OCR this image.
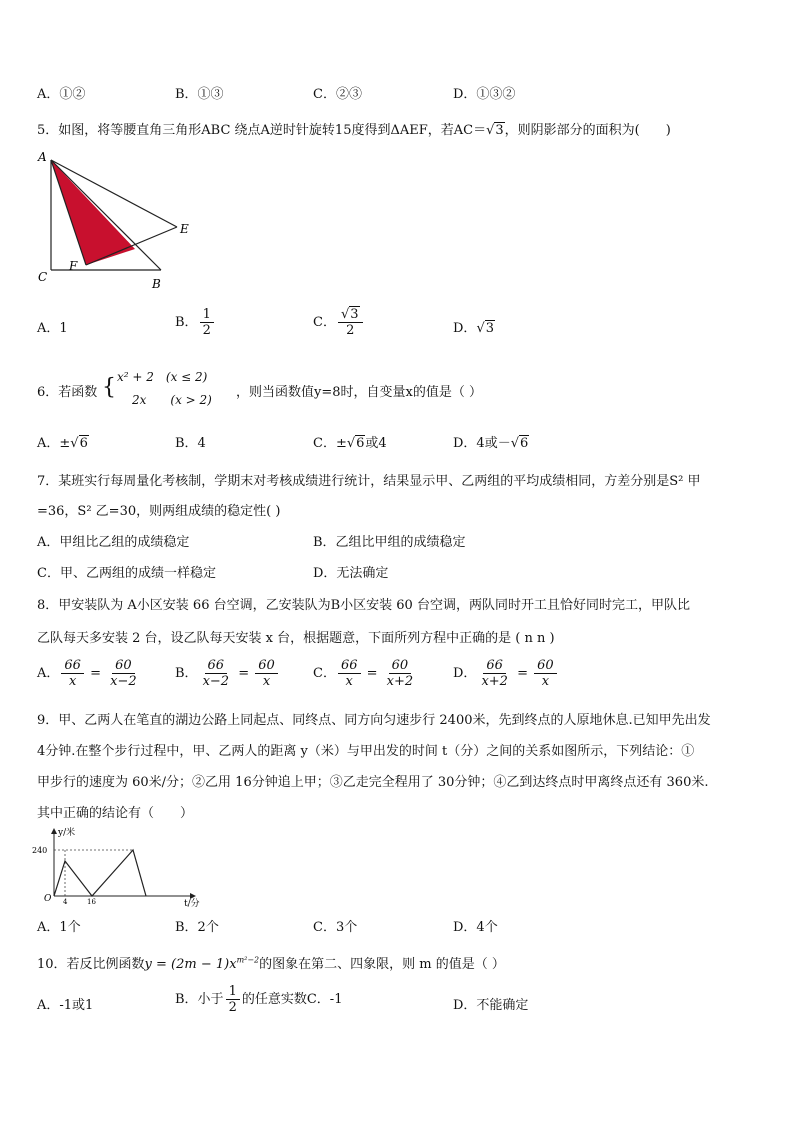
A．①②	B．①③	C．②③	D．①③②
5．如图，将等腰直角三角形ABC 绕点A逆时针旋转15度得到ΔAEF，若AC＝√3，则阴影部分的面积为(　　)
A
C	B
E
F
A．1	B． $\frac{1}{2}$	C． $\frac{√3}{2}$	D．√3
6．若函数 { x² + 2　(x ≤ 2)
2x　　(x > 2) ，则当函数值y=8时，自变量x的值是（ ）
A．±√6	B．4	C．±√6或4	D．4或－√6
7．某班实行每周量化考核制，学期末对考核成绩进行统计，结果显示甲、乙两组的平均成绩相同，方差分别是S² 甲
=36，S² 乙=30，则两组成绩的稳定性( )
A．甲组比乙组的成绩稳定	B．乙组比甲组的成绩稳定
C．甲、乙两组的成绩一样稳定	D．无法确定
8．甲安装队为 A小区安装 66 台空调，乙安装队为B小区安装 60 台空调，两队同时开工且恰好同时完工，甲队比
乙队每天多安装 2 台，设乙队每天安装 x 台，根据题意，下面所列方程中正确的是 ( n n )
A． $\frac{66}{x} = \frac{60}{x-2}$	B． $\frac{66}{x-2} = \frac{60}{x}$	C． $\frac{66}{x} = \frac{60}{x+2}$	D． $\frac{66}{x+2} = \frac{60}{x}$
9．甲、乙两人在笔直的湖边公路上同起点、同终点、同方向匀速步行 2400米，先到终点的人原地休息.已知甲先出发
4分钟.在整个步行过程中，甲、乙两人的距离 y（米）与甲出发的时间 t（分）之间的关系如图所示，下列结论：①
甲步行的速度为 60米/分；②乙用 16分钟追上甲；③乙走完全程用了 30分钟；④乙到达终点时甲离终点还有 360米.
其中正确的结论有（　　）
y/米
t/分
240
O 4	16
A．1个	B．2个	C．3个	D．4个
10．若反比例函数$y = (2m - 1)x^{m^2-2}$的图象在第二、四象限，则 m 的值是（ ）
A．-1或1	B．小于 $\frac{1}{2}$ 的任意实数C．-1	D．不能确定
